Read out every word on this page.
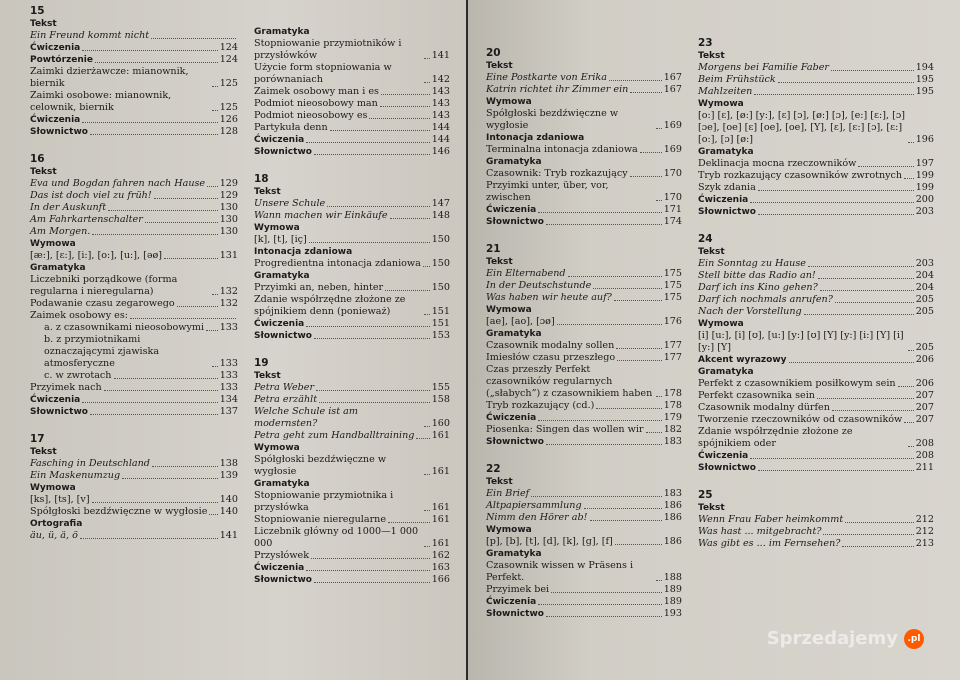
15
Tekst
Ein Freund kommt nicht
Ćwiczenia	124
Powtórzenie	124
Zaimki dzierżawcze: mianownik, biernik	125
Zaimki osobowe: mianownik, celownik, biernik	125
Ćwiczenia	126
Słownictwo	128
16
Tekst
Eva und Bogdan fahren nach Hause 129
Das ist doch viel zu früh!	129
In der Auskunft	130
Am Fahrkartenschalter	130
Am Morgen.	130
Wymowa
[æ:], [ɛ:], [i:], [o:], [u:], [əø]	131
Gramatyka
Liczebniki porządkowe (forma regularna i nieregularna)	132
Podawanie czasu zegarowego	132
Zaimek osobowy es:
a. z czasownikami nieosobowymi 133
b. z przymiotnikami oznaczającymi zjawiska atmosferyczne	133
c. w zwrotach	133
Przyimek nach	133
Ćwiczenia	134
Słownictwo	137
17
Tekst
Fasching in Deutschland	138
Ein Maskenumzug	139
Wymowa
[ks], [ts], [v]	140
Spółgłoski bezdźwięczne w wygłosie 140
Ortografia
äu, ü, ä, ö	141
Gramatyka
Stopniowanie przymiotników i przysłówków	141
Użycie form stopniowania w porównaniach	142
Zaimek osobowy man i es	143
Podmiot nieosobowy man	143
Podmiot nieosobowy es	143
Partykuła denn	144
Ćwiczenia	144
Słownictwo	146
18
Tekst
Unsere Schule	147
Wann machen wir Einkäufe	148
Wymowa
[k], [t], [iç]	150
Intonacja zdaniowa
Progredientna intonacja zdaniowa 150
Gramatyka
Przyimki an, neben, hinter	150
Zdanie współrzędne złożone ze spójnikiem denn (ponieważ)	151
Ćwiczenia	151
Słownictwo	153
19
Tekst
Petra Weber	155
Petra erzählt	158
Welche Schule ist am modernsten?	160
Petra geht zum Handballtraining 161
Wymowa
Spółgłoski bezdźwięczne w wygłosie	161
Gramatyka
Stopniowanie przymiotnika i przysłówka	161
Stopniowanie nieregularne	161
Liczebnik główny od 1000—1 000 000	161
Przysłówek	162
Ćwiczenia	163
Słownictwo	166
20
Tekst
Eine Postkarte von Erika	167
Katrin richtet ihr Zimmer ein	167
Wymowa
Spółgłoski bezdźwięczne w wygłosie	169
Intonacja zdaniowa
Terminalna intonacja zdaniowa	169
Gramatyka
Czasownik: Tryb rozkazujący	170
Przyimki unter, über, vor, zwischen	170
Ćwiczenia	171
Słownictwo	174
21
Tekst
Ein Elternabend	175
In der Deutschstunde	175
Was haben wir heute auf?	175
Wymowa
[ae], [ao], [ɔø]	176
Gramatyka
Czasownik modalny sollen	177
Imiesłów czasu przeszłego	177
Czas przeszły Perfekt czasowników regularnych („słabych”) z czasownikiem haben 178
Tryb rozkazujący (cd.)	178
Ćwiczenia	179
Piosenka: Singen das wollen wir 182
Słownictwo	183
22
Tekst
Ein Brief	183
Altpapiersammlung	186
Nimm den Hörer ab!	186
Wymowa
[p], [b], [t], [d], [k], [g], [f]	186
Gramatyka
Czasownik wissen w Präsens i Perfekt.	188
Przyimek bei	189
Ćwiczenia	189
Słownictwo	193
23
Tekst
Morgens bei Familie Faber	194
Beim Frühstück	195
Mahlzeiten	195
Wymowa
[o:] [ɛ], [ø:] [y:], [ɛ] [ɔ], [ø:] [ɔ], [e:] [ɛ:], [ɔ] [ɔe], [oe] [ɛ] [oe], [oe], [Y], [ɛ], [ɛ:] [ɔ], [ɛ:] [o:], [ɔ] [ø:]	196
Gramatyka
Deklinacja mocna rzeczowników	197
Tryb rozkazujący czasowników zwrotnych 199
Szyk zdania	199
Ćwiczenia	200
Słownictwo	203
24
Tekst
Ein Sonntag zu Hause	203
Stell bitte das Radio an!	204
Darf ich ins Kino gehen?	204
Darf ich nochmals anrufen?	205
Nach der Vorstellung	205
Wymowa
[i] [u:], [i] [ʊ], [u:] [y:] [ʊ] [Y] [y:] [i:] [Y] [i] [y:] [Y]	205
Akcent wyrazowy	206
Gramatyka
Perfekt z czasownikiem posiłkowym sein 206
Perfekt czasownika sein	207
Czasownik modalny dürfen	207
Tworzenie rzeczowników od czasowników 207
Zdanie współrzędnie złożone ze spójnikiem oder	208
Ćwiczenia	208
Słownictwo	211
25
Tekst
Wenn Frau Faber heimkommt	212
Was hast ... mitgebracht?	212
Was gibt es ... im Fernsehen?	213
Sprzedajemy	.pl
